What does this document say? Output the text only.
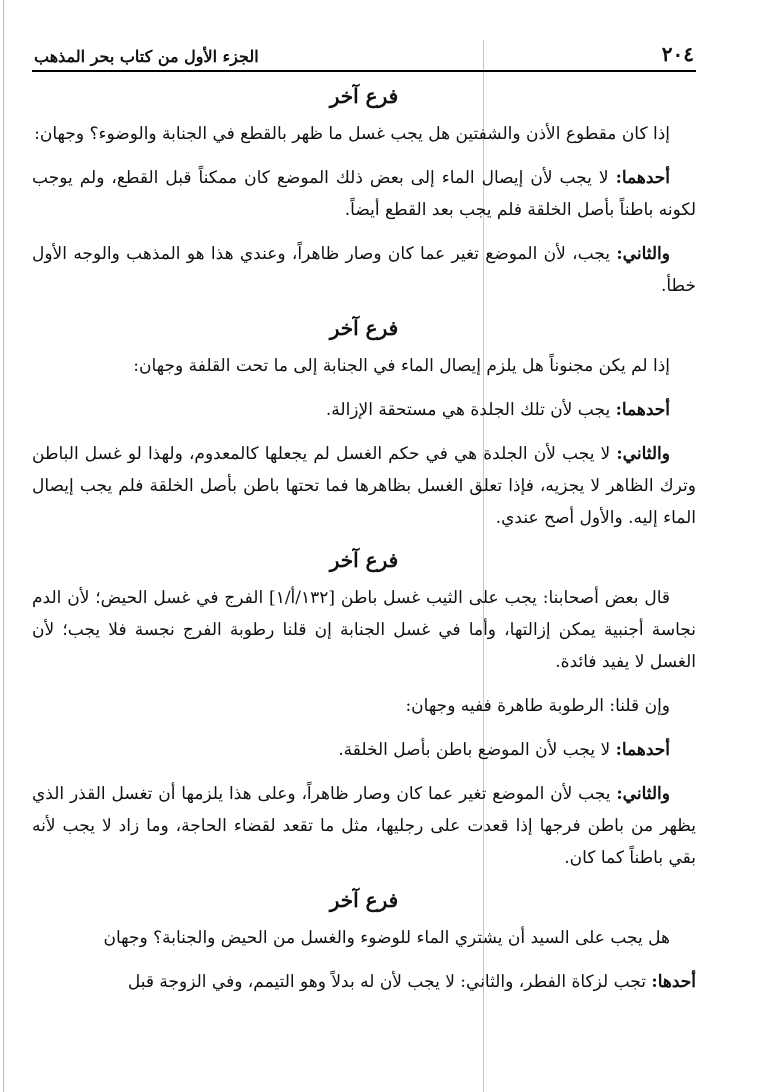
٢٠٤
الجزء الأول من كتاب بحر المذهب
فرع آخر

إذا كان مقطوع الأذن والشفتين هل يجب غسل ما ظهر بالقطع في الجنابة والوضوء؟ وجهان:

أحدهما: لا يجب لأن إيصال الماء إلى بعض ذلك الموضع كان ممكناً قبل القطع، ولم يوجب لكونه باطناً بأصل الخلقة فلم يجب بعد القطع أيضاً.

والثاني: يجب، لأن الموضع تغير عما كان وصار ظاهراً، وعندي هذا هو المذهب والوجه الأول خطأ.

فرع آخر

إذا لم يكن مجنوناً هل يلزم إيصال الماء في الجنابة إلى ما تحت القلفة وجهان:

أحدهما: يجب لأن تلك الجلدة هي مستحقة الإزالة.

والثاني: لا يجب لأن الجلدة هي في حكم الغسل لم يجعلها كالمعدوم، ولهذا لو غسل الباطن وترك الظاهر لا يجزيه، فإذا تعلق الغسل بظاهرها فما تحتها باطن بأصل الخلقة فلم يجب إيصال الماء إليه. والأول أصح عندي.

فرع آخر

قال بعض أصحابنا: يجب على الثيب غسل باطن [١٣٢/أ/١] الفرج في غسل الحيض؛ لأن الدم نجاسة أجنبية يمكن إزالتها، وأما في غسل الجنابة إن قلنا رطوبة الفرج نجسة فلا يجب؛ لأن الغسل لا يفيد فائدة.

وإن قلنا: الرطوبة طاهرة ففيه وجهان:

أحدهما: لا يجب لأن الموضع باطن بأصل الخلقة.

والثاني: يجب لأن الموضع تغير عما كان وصار ظاهراً، وعلى هذا يلزمها أن تغسل القذر الذي يظهر من باطن فرجها إذا قعدت على رجليها، مثل ما تقعد لقضاء الحاجة، وما زاد لا يجب لأنه بقي باطناً كما كان.

فرع آخر

هل يجب على السيد أن يشتري الماء للوضوء والغسل من الحيض والجنابة؟ وجهان

أحدها: تجب لزكاة الفطر، والثاني: لا يجب لأن له بدلاً وهو التيمم، وفي الزوجة قبل
